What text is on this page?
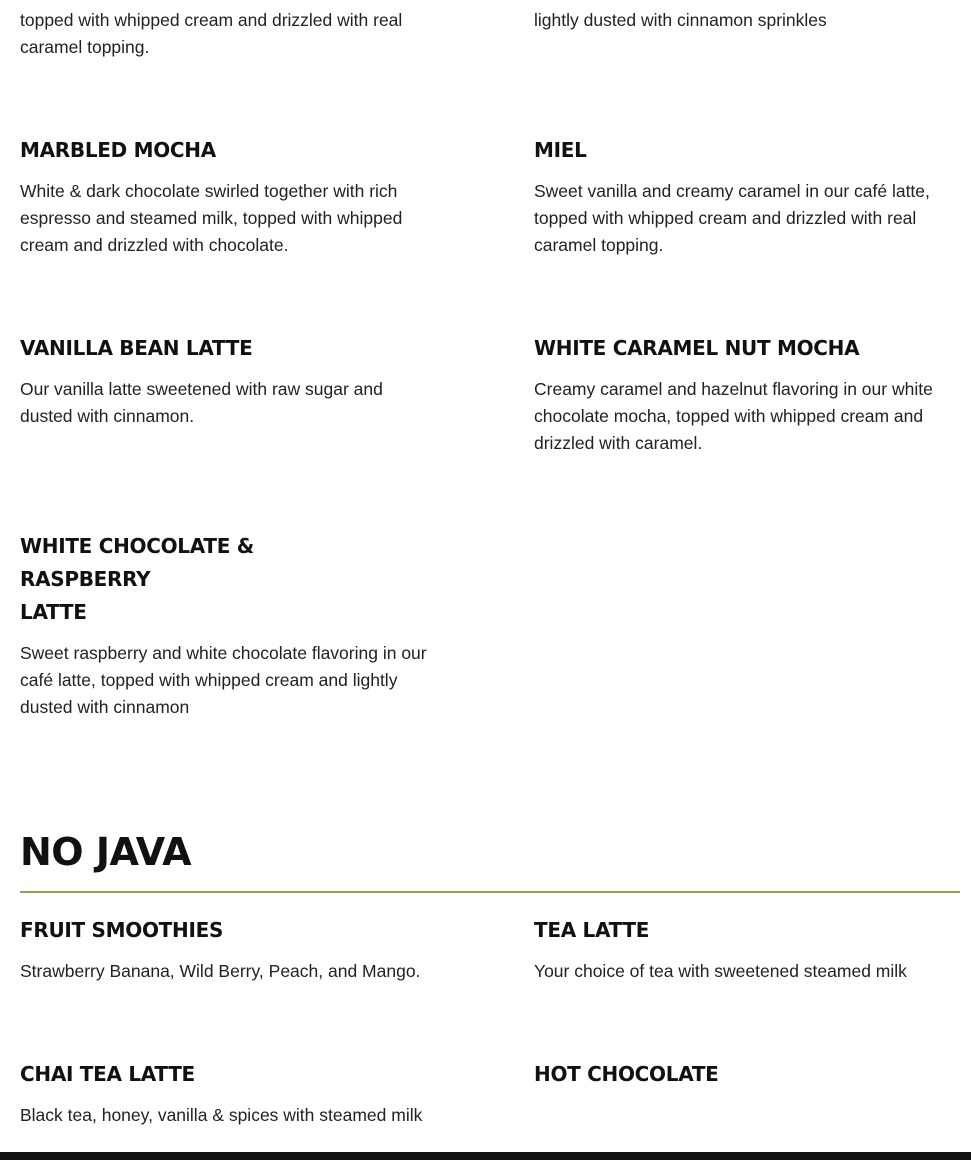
topped with whipped cream and drizzled with real
caramel topping.

lightly dusted with cinnamon sprinkles

MARBLED MOCHA

White & dark chocolate swirled together with rich
espresso and steamed milk, topped with whipped
cream and drizzled with chocolate.

MIEL

Sweet vanilla and creamy caramel in our café latte,
topped with whipped cream and drizzled with real
caramel topping.

VANILLA BEAN LATTE

Our vanilla latte sweetened with raw sugar and
dusted with cinnamon.

WHITE CARAMEL NUT MOCHA

Creamy caramel and hazelnut flavoring in our white
chocolate mocha, topped with whipped cream and
drizzled with caramel.

WHITE CHOCOLATE & RASPBERRY
LATTE

Sweet raspberry and white chocolate flavoring in our
café latte, topped with whipped cream and lightly
dusted with cinnamon

NO JAVA
FRUIT SMOOTHIES

Strawberry Banana, Wild Berry, Peach, and Mango.

TEA LATTE

Your choice of tea with sweetened steamed milk

CHAI TEA LATTE

Black tea, honey, vanilla & spices with steamed milk

HOT CHOCOLATE
